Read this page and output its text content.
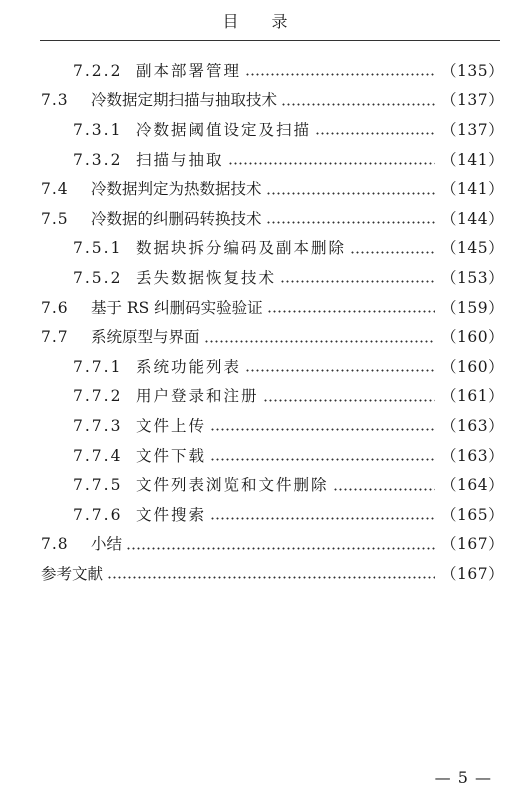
目 录
7.2.2 副本部署管理	（135）
7.3	冷数据定期扫描与抽取技术	（137）
7.3.1 冷数据阈值设定及扫描	（137）
7.3.2 扫描与抽取	（141）
7.4	冷数据判定为热数据技术	（141）
7.5	冷数据的纠删码转换技术	（144）
7.5.1 数据块拆分编码及副本删除	（145）
7.5.2 丢失数据恢复技术	（153）
7.6	基于 RS 纠删码实验验证	（159）
7.7	系统原型与界面	（160）
7.7.1 系统功能列表	（160）
7.7.2 用户登录和注册	（161）
7.7.3 文件上传	（163）
7.7.4 文件下载	（163）
7.7.5 文件列表浏览和文件删除	（164）
7.7.6 文件搜索	（165）
7.8	小结	（167）
参考文献	（167）
— 5 —
